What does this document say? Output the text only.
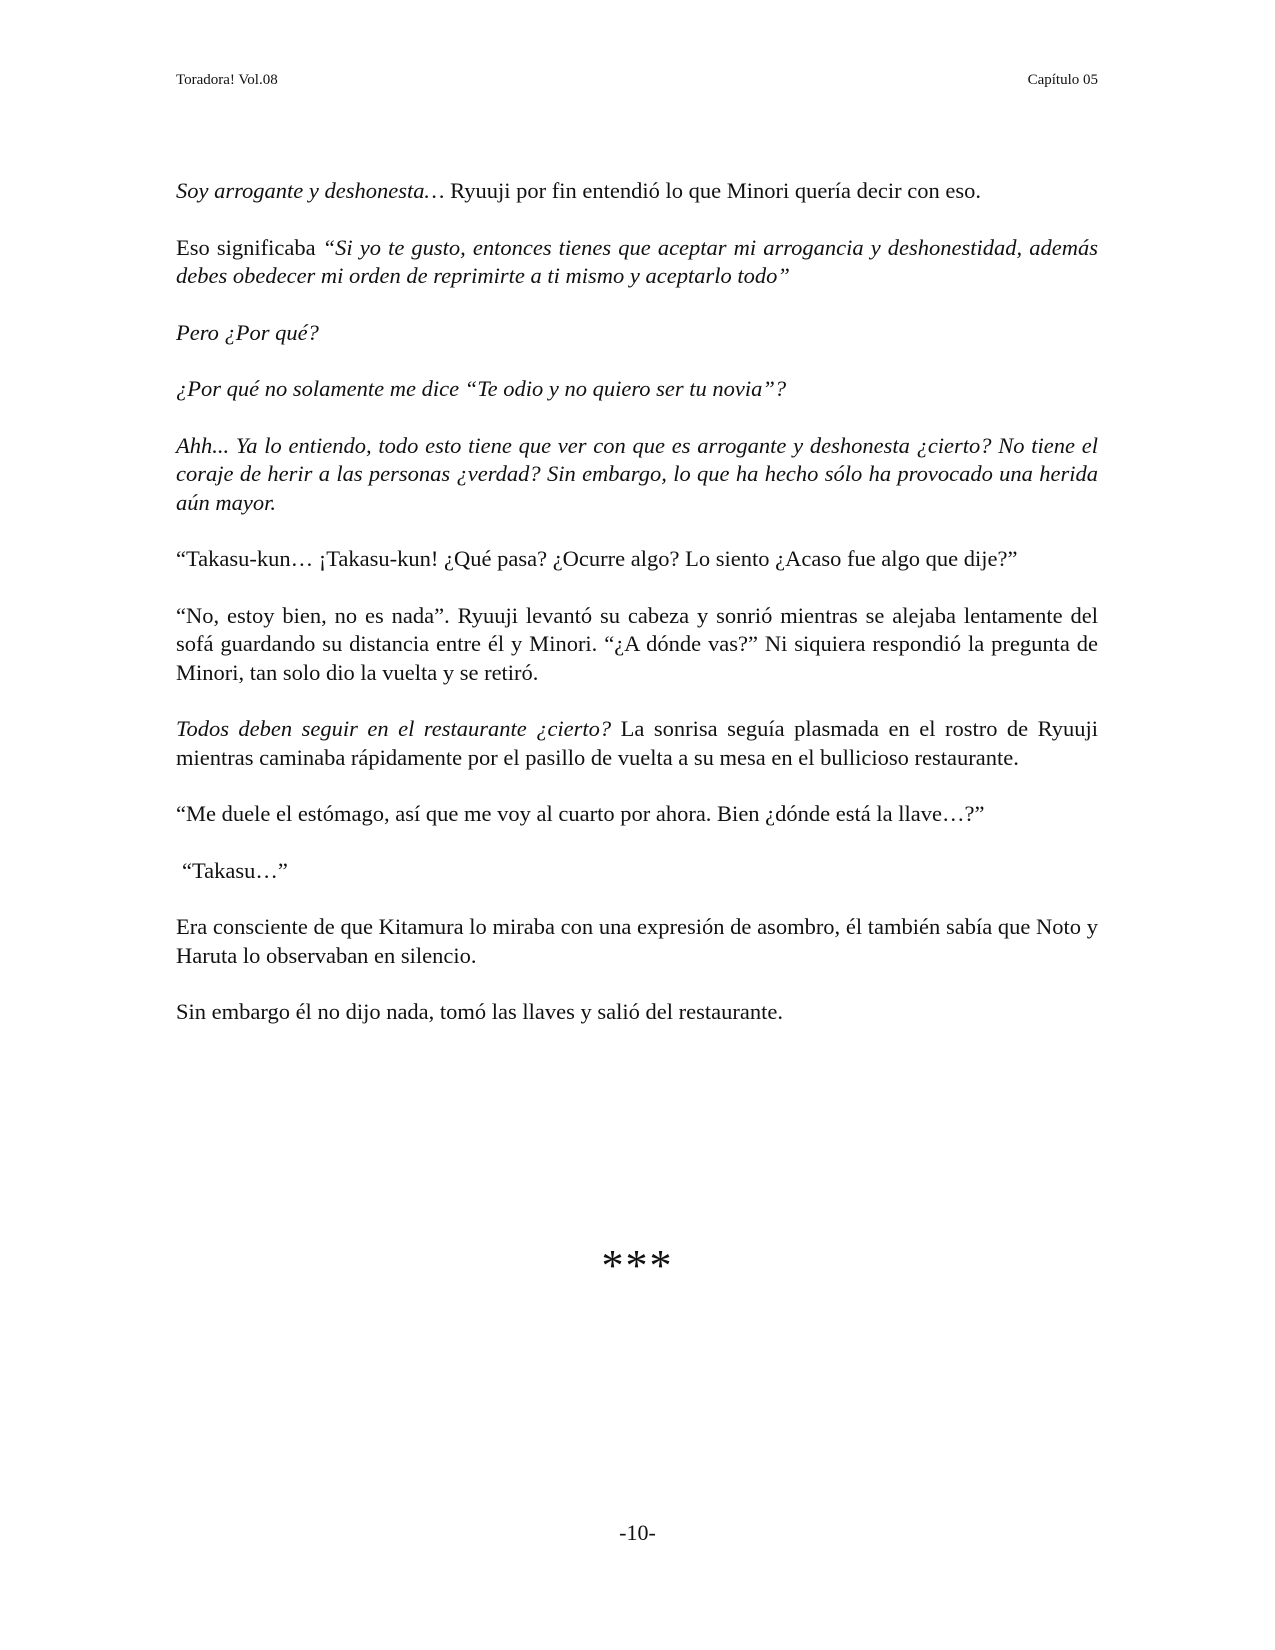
Toradora! Vol.08	Capítulo 05

Soy arrogante y deshonesta… Ryuuji por fin entendió lo que Minori quería decir con eso.

Eso significaba “Si yo te gusto, entonces tienes que aceptar mi arrogancia y deshonestidad, además debes obedecer mi orden de reprimirte a ti mismo y aceptarlo todo”

Pero ¿Por qué?

¿Por qué no solamente me dice “Te odio y no quiero ser tu novia”?

Ahh... Ya lo entiendo, todo esto tiene que ver con que es arrogante y deshonesta ¿cierto? No tiene el coraje de herir a las personas ¿verdad? Sin embargo, lo que ha hecho sólo ha provocado una herida aún mayor.

“Takasu-kun… ¡Takasu-kun! ¿Qué pasa? ¿Ocurre algo? Lo siento ¿Acaso fue algo que dije?”

“No, estoy bien, no es nada”. Ryuuji levantó su cabeza y sonrió mientras se alejaba lentamente del sofá guardando su distancia entre él y Minori. “¿A dónde vas?” Ni siquiera respondió la pregunta de Minori, tan solo dio la vuelta y se retiró.

Todos deben seguir en el restaurante ¿cierto? La sonrisa seguía plasmada en el rostro de Ryuuji mientras caminaba rápidamente por el pasillo de vuelta a su mesa en el bullicioso restaurante.

“Me duele el estómago, así que me voy al cuarto por ahora. Bien ¿dónde está la llave…?”

“Takasu…”

Era consciente de que Kitamura lo miraba con una expresión de asombro, él también sabía que Noto y Haruta lo observaban en silencio.

Sin embargo él no dijo nada, tomó las llaves y salió del restaurante.

***
-10-
